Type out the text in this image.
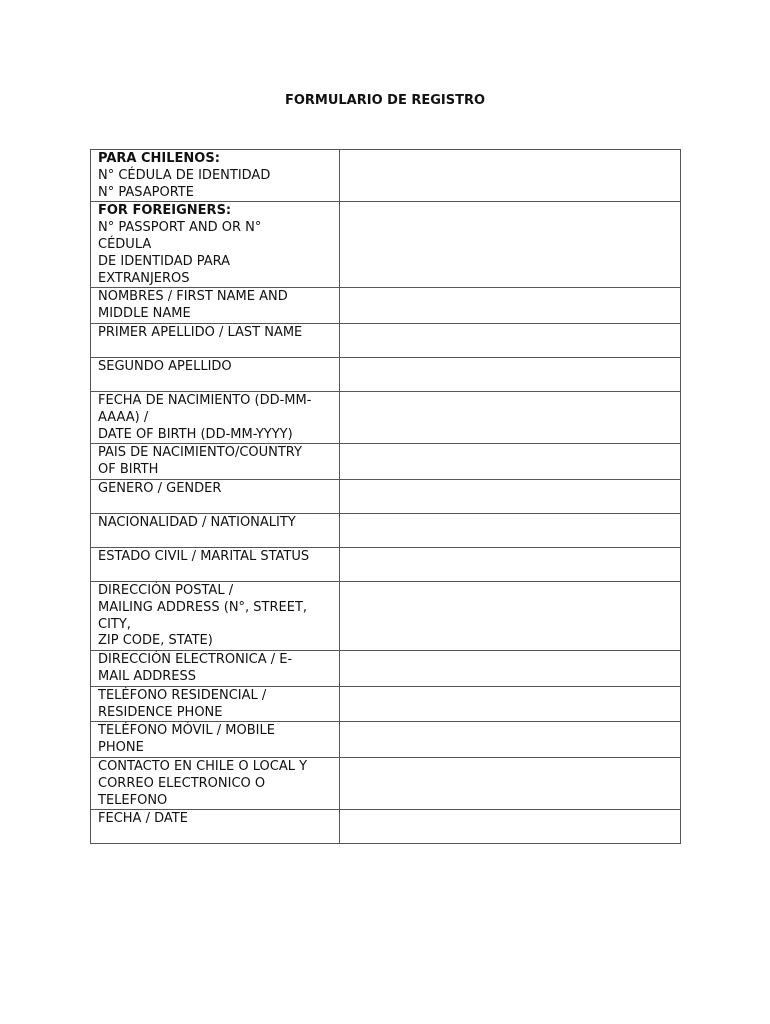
FORMULARIO DE REGISTRO
PARA CHILENOS:
N° CÉDULA DE IDENTIDAD
N° PASAPORTE	

FOR FOREIGNERS:
N° PASSPORT AND OR N°
CÉDULA
DE IDENTIDAD PARA
EXTRANJEROS	

NOMBRES / FIRST NAME AND
MIDDLE NAME	

PRIMER APELLIDO / LAST NAME	

SEGUNDO APELLIDO	

FECHA DE NACIMIENTO (DD-MM-
AAAA) /
DATE OF BIRTH (DD-MM-YYYY)	

PAIS DE NACIMIENTO/COUNTRY
OF BIRTH	

GENERO / GENDER	

NACIONALIDAD / NATIONALITY	

ESTADO CIVIL / MARITAL STATUS	

DIRECCIÓN POSTAL /
MAILING ADDRESS (N°, STREET,
CITY,
ZIP CODE, STATE)	

DIRECCIÓN ELECTRONICA / E-
MAIL ADDRESS	

TELÉFONO RESIDENCIAL /
RESIDENCE PHONE	

TELÉFONO MÓVIL / MOBILE
PHONE	

CONTACTO EN CHILE O LOCAL Y
CORREO ELECTRONICO O
TELEFONO	

FECHA / DATE	
